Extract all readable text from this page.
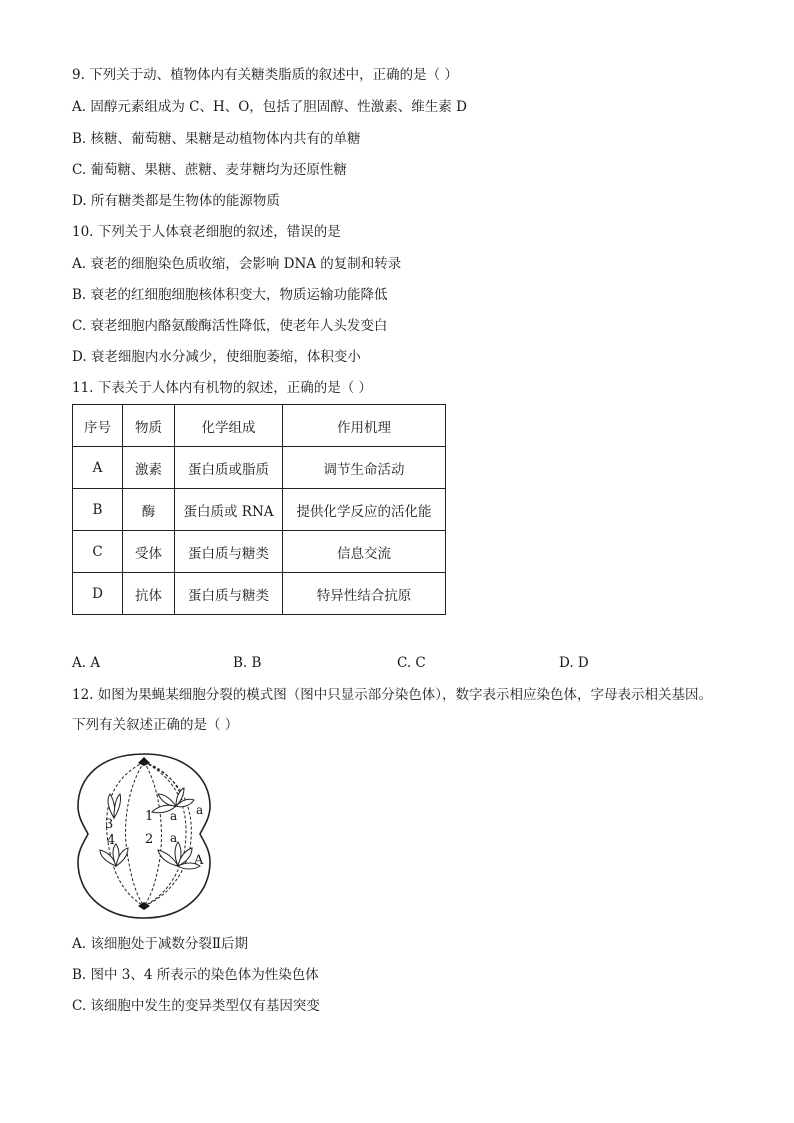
9. 下列关于动、植物体内有关糖类脂质的叙述中，正确的是（ ）
A. 固醇元素组成为 C、H、O，包括了胆固醇、性激素、维生素 D
B. 核糖、葡萄糖、果糖是动植物体内共有的单糖
C. 葡萄糖、果糖、蔗糖、麦芽糖均为还原性糖
D. 所有糖类都是生物体的能源物质
10. 下列关于人体衰老细胞的叙述，错误的是
A. 衰老的细胞染色质收缩，会影响 DNA 的复制和转录
B. 衰老的红细胞细胞核体积变大，物质运输功能降低
C. 衰老细胞内酪氨酸酶活性降低，使老年人头发变白
D. 衰老细胞内水分减少，使细胞萎缩，体积变小
11. 下表关于人体内有机物的叙述，正确的是（ ）
序号	物质	化学组成	作用机理
A	激素	蛋白质或脂质	调节生命活动
B	酶	蛋白质或 RNA	提供化学反应的活化能
C	受体	蛋白质与糖类	信息交流
D	抗体	蛋白质与糖类	特异性结合抗原
A. A	B. B	C. C	D. D
12. 如图为果蝇某细胞分裂的模式图（图中只显示部分染色体），数字表示相应染色体，字母表示相关基因。
下列有关叙述正确的是（ ）
3
4
1
2
a a
a
A
A. 该细胞处于减数分裂Ⅱ后期
B. 图中 3、4 所表示的染色体为性染色体
C. 该细胞中发生的变异类型仅有基因突变
